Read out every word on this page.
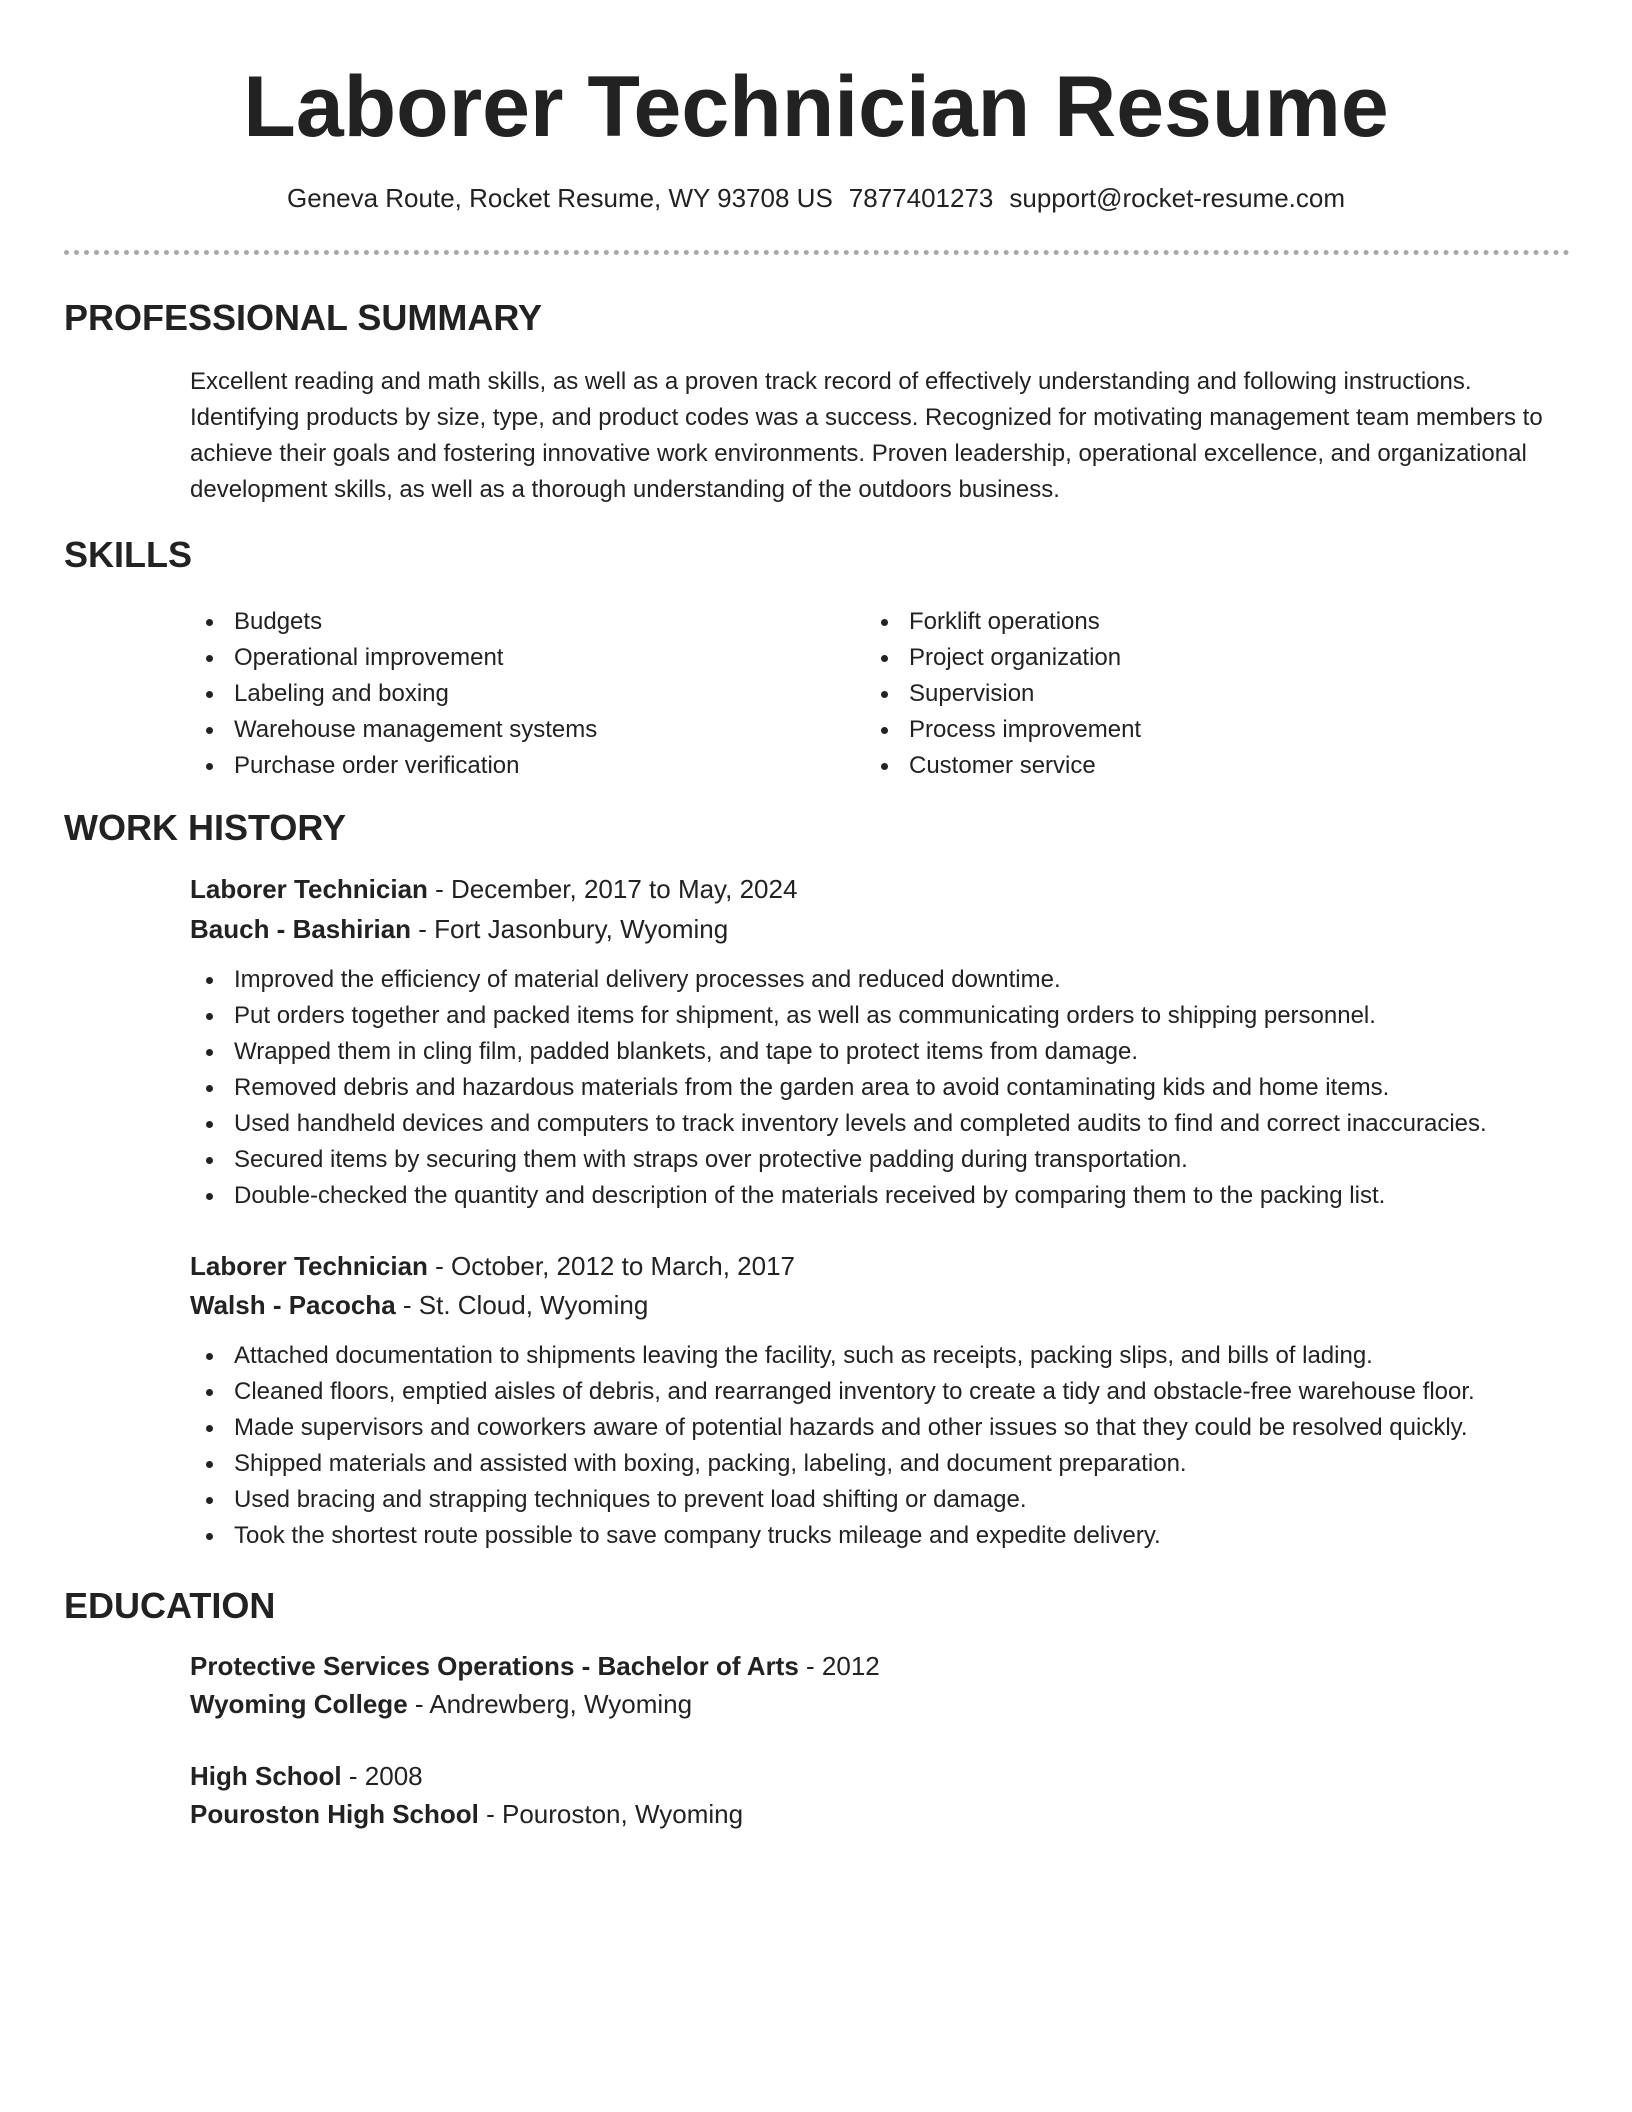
Laborer Technician Resume
Geneva Route, Rocket Resume, WY 93708 US 7877401273 support@rocket-resume.com
PROFESSIONAL SUMMARY
Excellent reading and math skills, as well as a proven track record of effectively understanding and following instructions. Identifying products by size, type, and product codes was a success. Recognized for motivating management team members to achieve their goals and fostering innovative work environments. Proven leadership, operational excellence, and organizational development skills, as well as a thorough understanding of the outdoors business.
SKILLS
Budgets
Operational improvement
Labeling and boxing
Warehouse management systems
Purchase order verification
Forklift operations
Project organization
Supervision
Process improvement
Customer service
WORK HISTORY
Laborer Technician - December, 2017 to May, 2024
Bauch - Bashirian - Fort Jasonbury, Wyoming
Improved the efficiency of material delivery processes and reduced downtime.
Put orders together and packed items for shipment, as well as communicating orders to shipping personnel.
Wrapped them in cling film, padded blankets, and tape to protect items from damage.
Removed debris and hazardous materials from the garden area to avoid contaminating kids and home items.
Used handheld devices and computers to track inventory levels and completed audits to find and correct inaccuracies.
Secured items by securing them with straps over protective padding during transportation.
Double-checked the quantity and description of the materials received by comparing them to the packing list.
Laborer Technician - October, 2012 to March, 2017
Walsh - Pacocha - St. Cloud, Wyoming
Attached documentation to shipments leaving the facility, such as receipts, packing slips, and bills of lading.
Cleaned floors, emptied aisles of debris, and rearranged inventory to create a tidy and obstacle-free warehouse floor.
Made supervisors and coworkers aware of potential hazards and other issues so that they could be resolved quickly.
Shipped materials and assisted with boxing, packing, labeling, and document preparation.
Used bracing and strapping techniques to prevent load shifting or damage.
Took the shortest route possible to save company trucks mileage and expedite delivery.
EDUCATION
Protective Services Operations - Bachelor of Arts - 2012
Wyoming College - Andrewberg, Wyoming
High School - 2008
Pouroston High School - Pouroston, Wyoming
